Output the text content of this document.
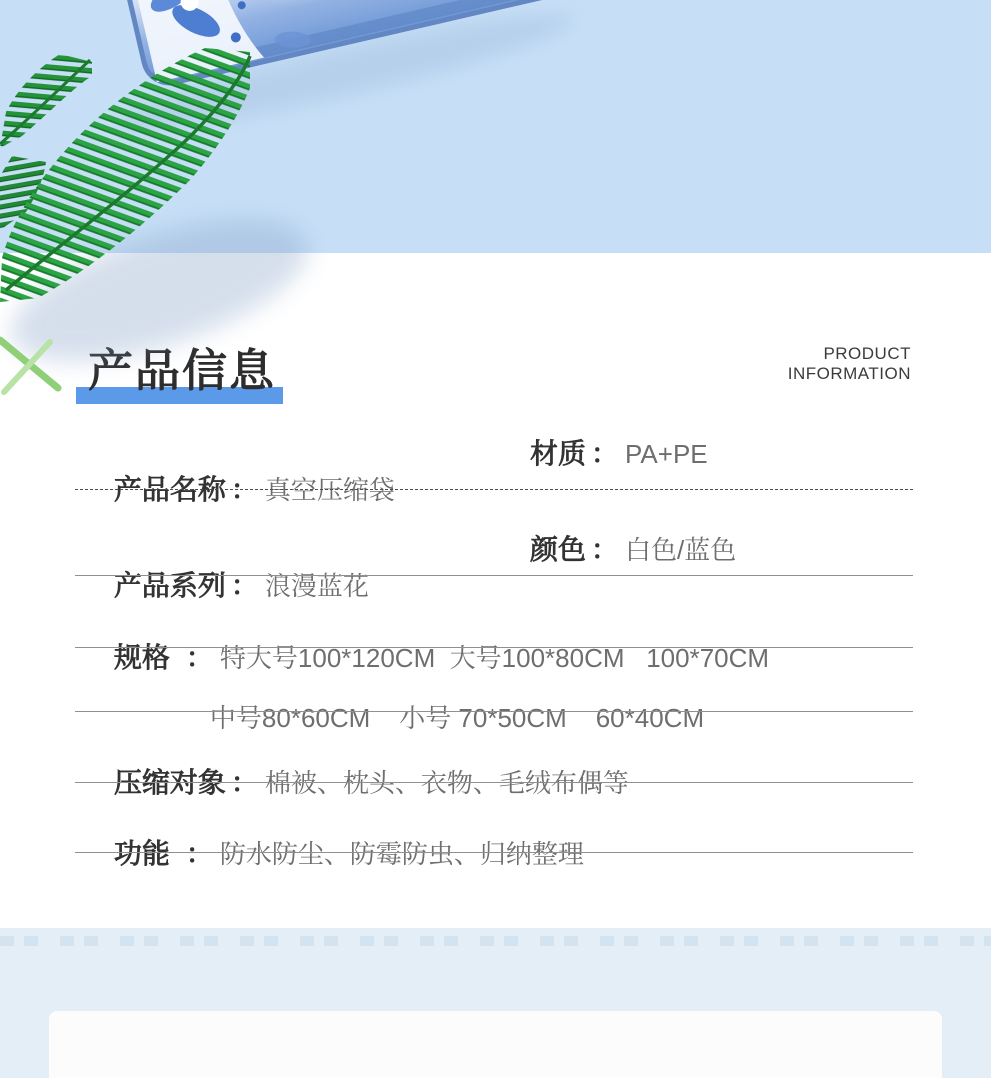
产品信息	PRODUCT
INFORMATION

产品名称 ： 真空压缩袋

材质 ： PA+PE

产品系列 ： 浪漫蓝花

颜色 ： 白色/蓝色

规格 ： 特大号100*120CM  大号100*80CM   100*70CM

中号80*60CM    小号 70*50CM    60*40CM

压缩对象 ： 棉被、枕头、衣物、毛绒布偶等

功能 ： 防水防尘、防霉防虫、归纳整理
